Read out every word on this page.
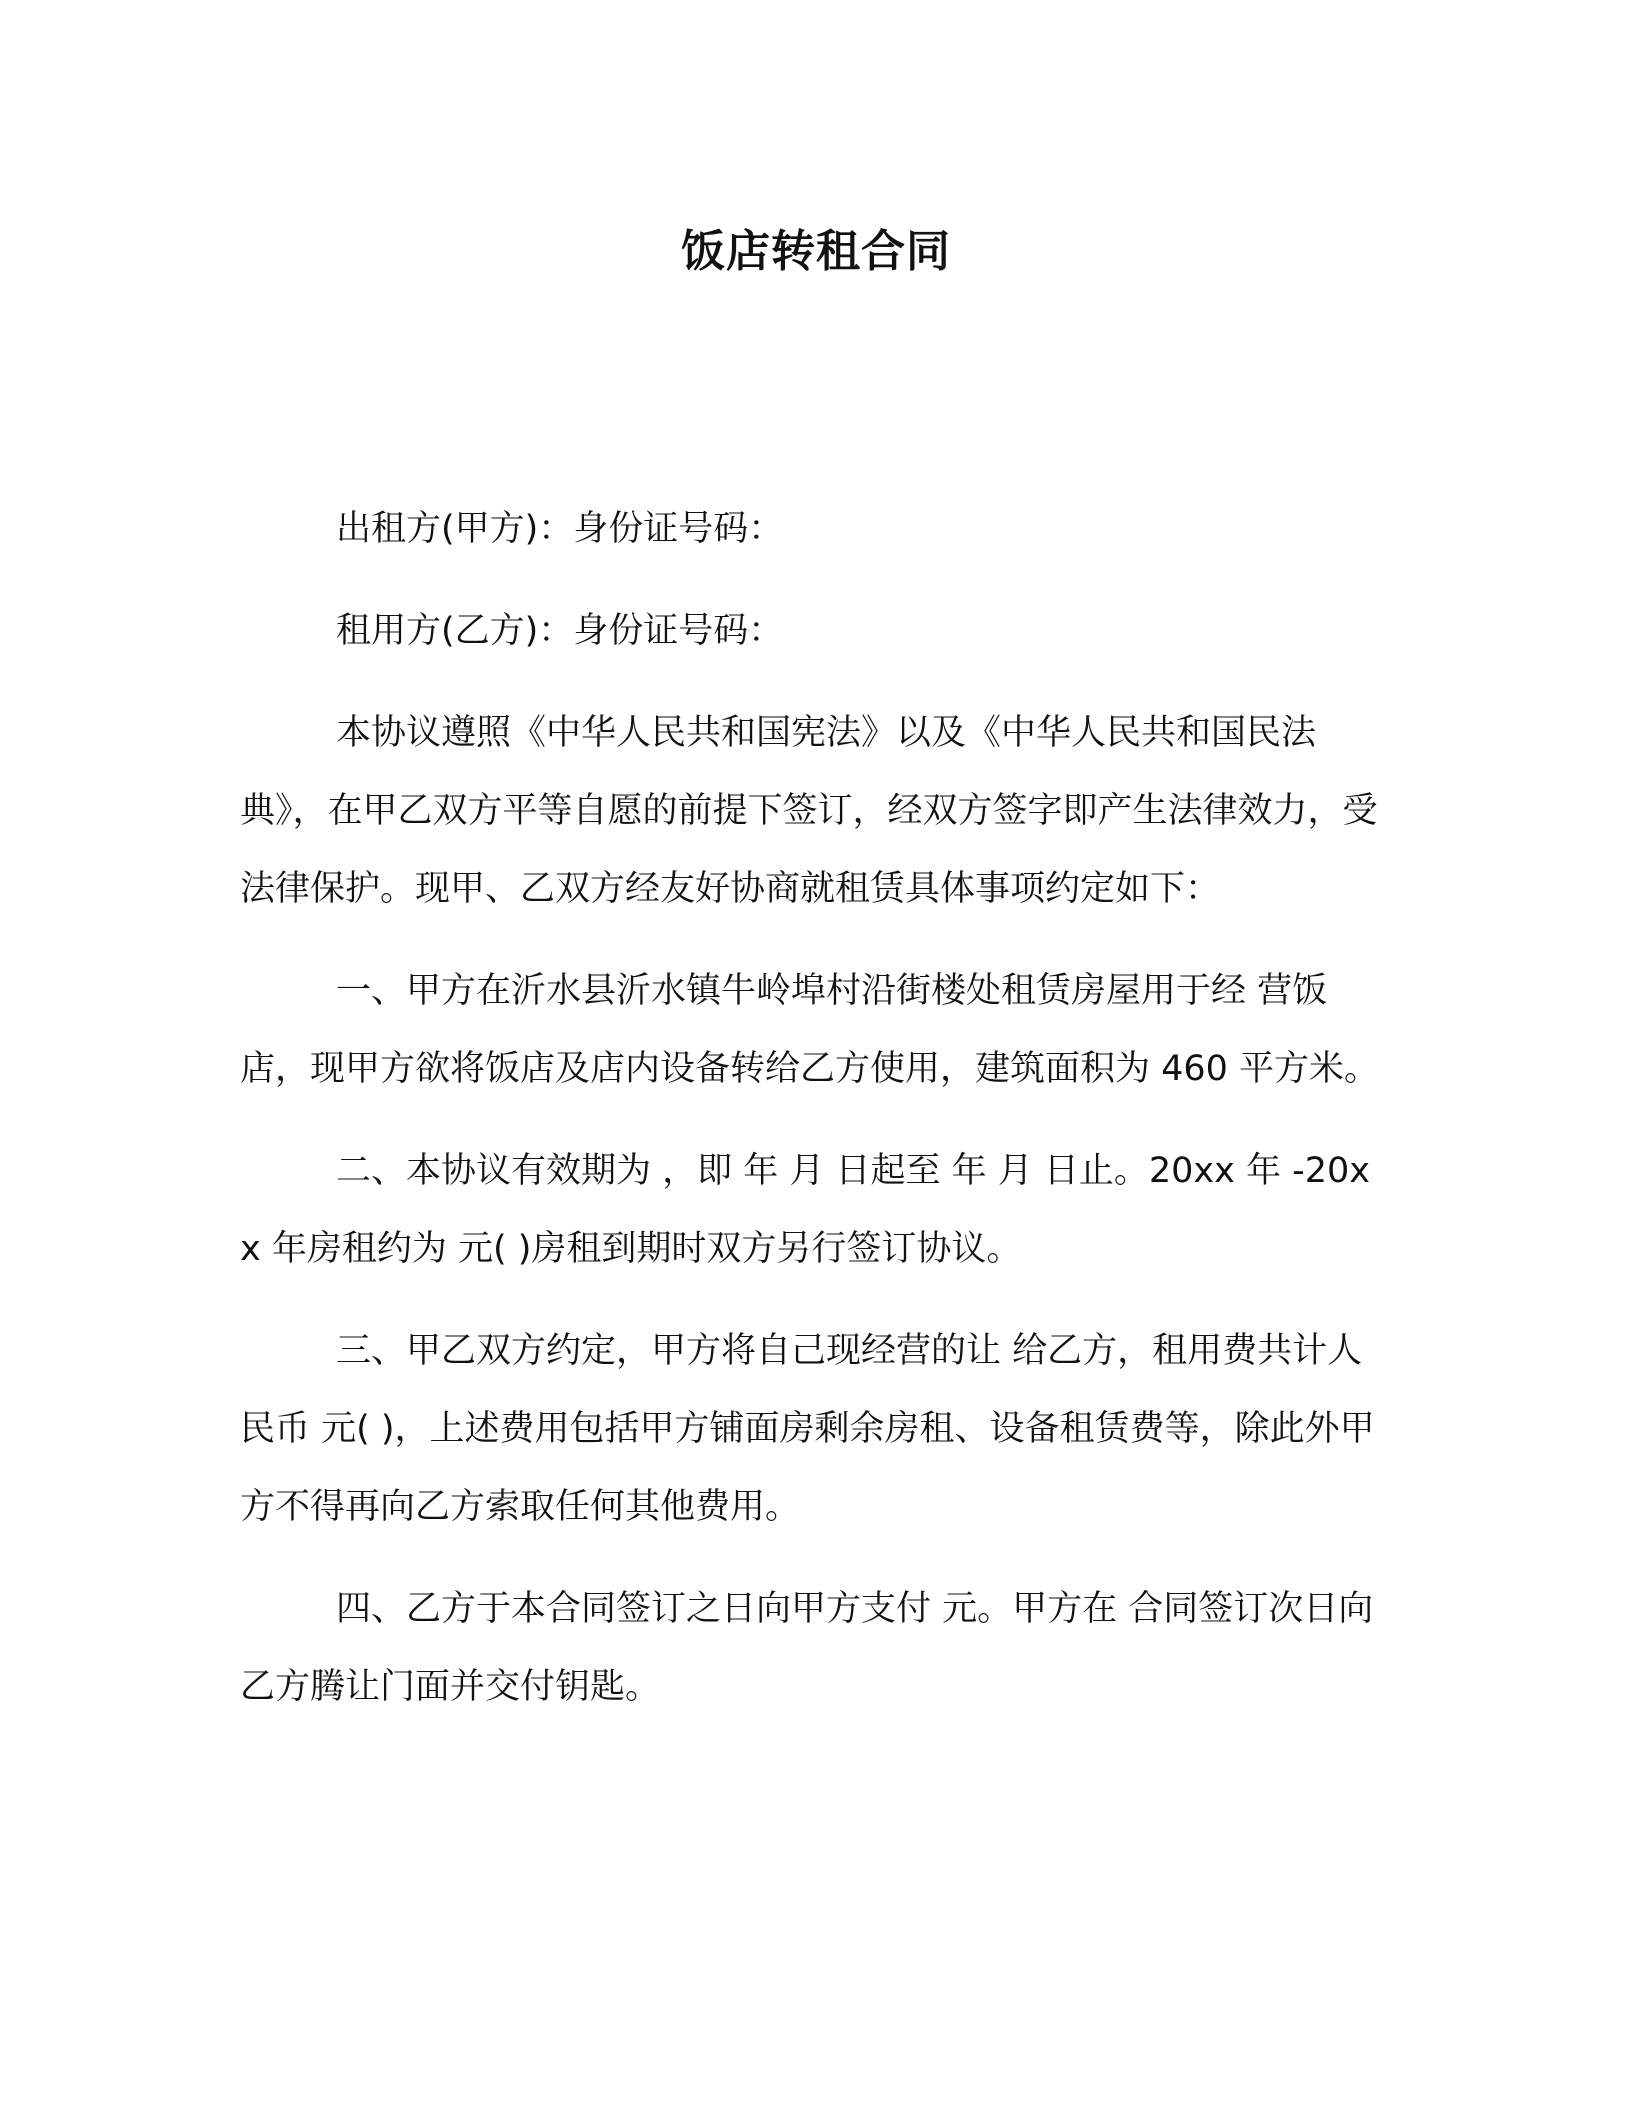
饭店转租合同

出租方(甲方)：身份证号码：

租用方(乙方)：身份证号码：

本协议遵照《中华人民共和国宪法》以及《中华人民共和国民法典》，在甲乙双方平等自愿的前提下签订，经双方签字即产生法律效力，受法律保护。现甲、乙双方经友好协商就租赁具体事项约定如下：

一、甲方在沂水县沂水镇牛岭埠村沿街楼处租赁房屋用于经 营饭店，现甲方欲将饭店及店内设备转给乙方使用，建筑面积为 460 平方米。

二、本协议有效期为 ，即 年 月 日起至 年 月 日止。20xx 年 -20xx 年房租约为 元( )房租到期时双方另行签订协议。

三、甲乙双方约定，甲方将自己现经营的让 给乙方，租用费共计人民币 元( )，上述费用包括甲方铺面房剩余房租、设备租赁费等，除此外甲方不得再向乙方索取任何其他费用。

四、乙方于本合同签订之日向甲方支付 元。甲方在 合同签订次日向乙方腾让门面并交付钥匙。
